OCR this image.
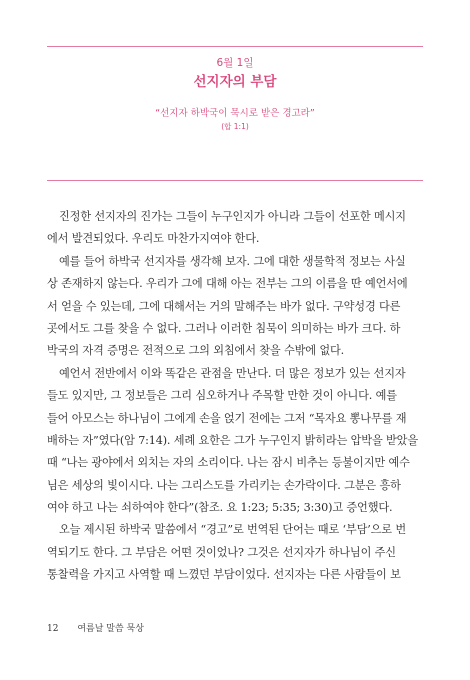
6월 1일
선지자의 부담
“선지자 하박국이 묵시로 받은 경고라”
(합 1:1)
진정한 선지자의 진가는 그들이 누구인지가 아니라 그들이 선포한 메시지
에서 발견되었다. 우리도 마찬가지여야 한다.
예를 들어 하박국 선지자를 생각해 보자. 그에 대한 생물학적 정보는 사실
상 존재하지 않는다. 우리가 그에 대해 아는 전부는 그의 이름을 딴 예언서에
서 얻을 수 있는데, 그에 대해서는 거의 말해주는 바가 없다. 구약성경 다른
곳에서도 그를 찾을 수 없다. 그러나 이러한 침묵이 의미하는 바가 크다. 하
박국의 자격 증명은 전적으로 그의 외침에서 찾을 수밖에 없다.
예언서 전반에서 이와 똑같은 관점을 만난다. 더 많은 정보가 있는 선지자
들도 있지만, 그 정보들은 그리 심오하거나 주목할 만한 것이 아니다. 예를
들어 아모스는 하나님이 그에게 손을 얹기 전에는 그저 “목자요 뽕나무를 재
배하는 자”였다(암 7:14). 세례 요한은 그가 누구인지 밝히라는 압박을 받았을
때 “나는 광야에서 외치는 자의 소리이다. 나는 잠시 비추는 등불이지만 예수
님은 세상의 빛이시다. 나는 그리스도를 가리키는 손가락이다. 그분은 흥하
여야 하고 나는 쇠하여야 한다”(참조. 요 1:23; 5:35; 3:30)고 증언했다.
오늘 제시된 하박국 말씀에서 “경고”로 번역된 단어는 때로 ‘부담’으로 번
역되기도 한다. 그 부담은 어떤 것이었나? 그것은 선지자가 하나님이 주신
통찰력을 가지고 사역할 때 느꼈던 부담이었다. 선지자는 다른 사람들이 보
12 여름날 말씀 묵상
